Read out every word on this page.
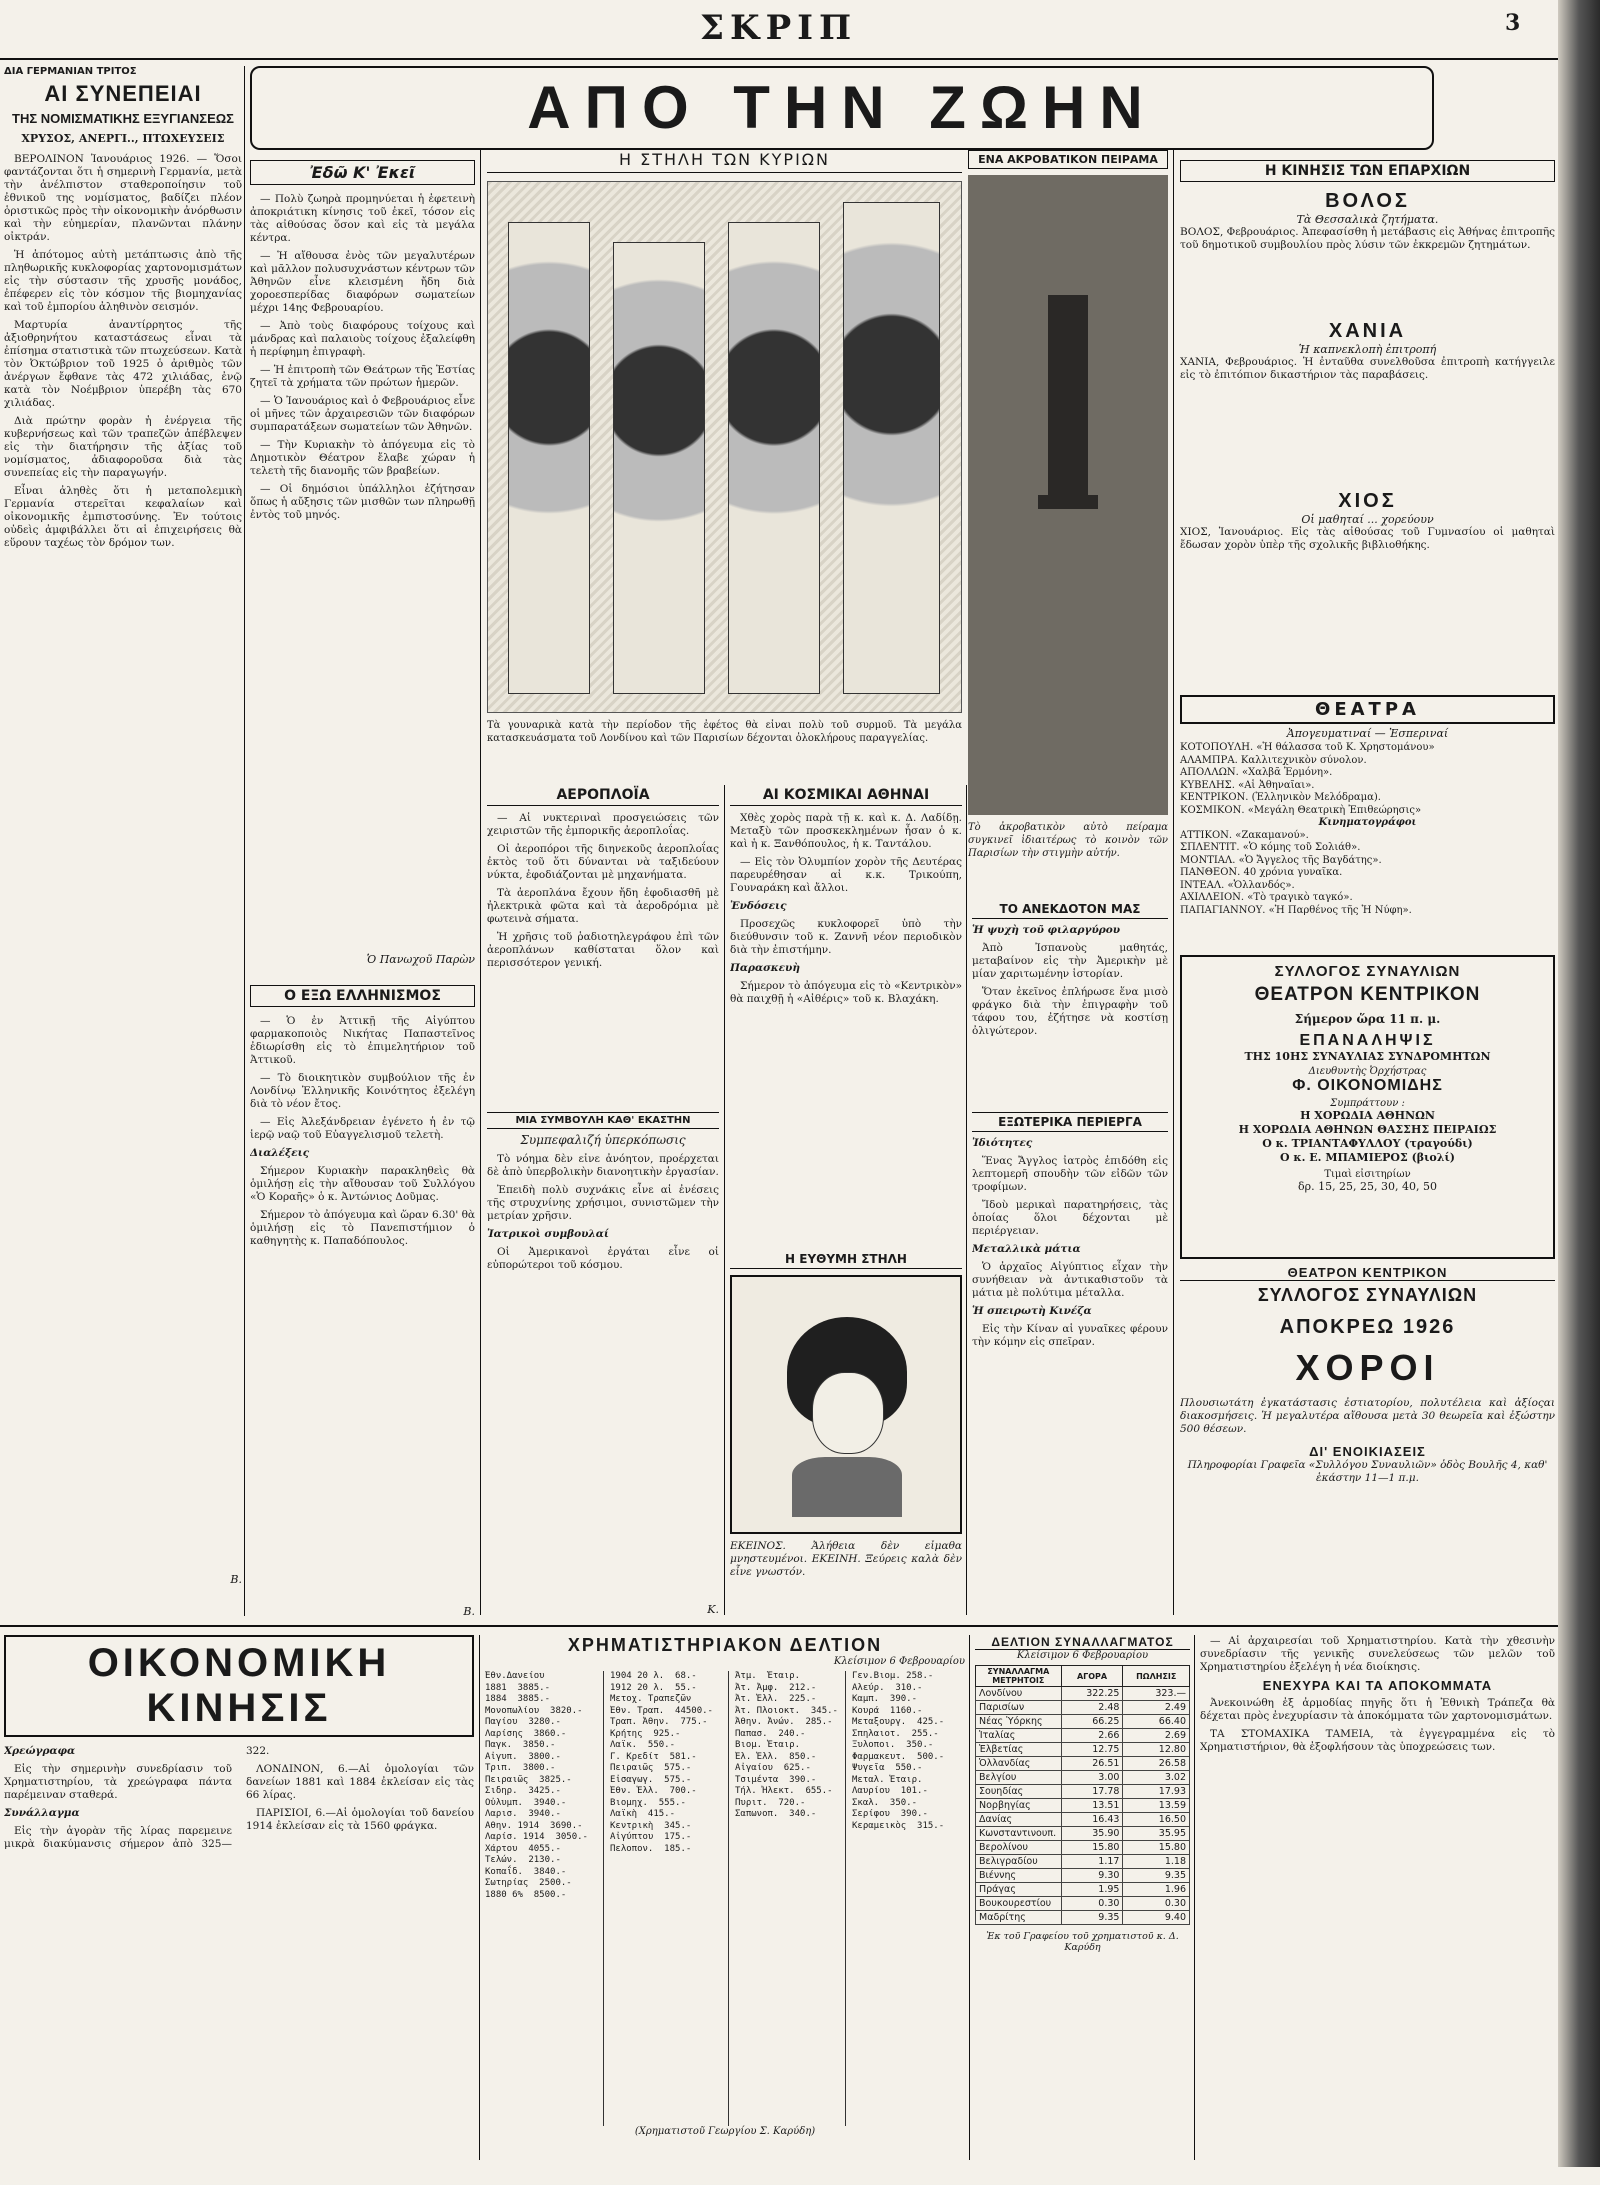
ΣΚΡΙΠ	3
ΔΙΑ ΓΕΡΜΑΝΙΑΝ ΤΡΙΤΟΣ
ΑΙ ΣΥΝΕΠΕΙΑΙ
ΤΗΣ ΝΟΜΙΣΜΑΤΙΚΗΣ ΕΞΥΓΙΑΝΣΕΩΣ
ΧΡΥΣΟΣ, ΑΝΕΡΓΙ.., ΠΤΩΧΕΥΣΕΙΣ

ΒΕΡΟΛΙΝΟΝ Ἰανουάριος 1926. — Ὅσοι φαντάζονται ὅτι ἡ σημερινὴ Γερμανία, μετὰ τὴν ἀνέλπιστον σταθεροποίησιν τοῦ ἐθνικοῦ της νομίσματος, βαδίζει πλέον ὁριστικῶς πρὸς τὴν οἰκονομικὴν ἀνόρθωσιν καὶ τὴν εὐημερίαν, πλανῶνται πλάνην οἰκτράν.

Ἡ ἀπότομος αὐτὴ μετάπτωσις ἀπὸ τῆς πληθωρικῆς κυκλοφορίας χαρτονομισμάτων εἰς τὴν σύστασιν τῆς χρυσῆς μονάδος, ἐπέφερεν εἰς τὸν κόσμον τῆς βιομηχανίας καὶ τοῦ ἐμπορίου ἀληθινὸν σεισμόν.

Μαρτυρία ἀναντίρρητος τῆς ἀξιοθρηνήτου καταστάσεως εἶναι τὰ ἐπίσημα στατιστικὰ τῶν πτωχεύσεων. Κατὰ τὸν Ὀκτώβριον τοῦ 1925 ὁ ἀριθμὸς τῶν ἀνέργων ἔφθανε τὰς 472 χιλιάδας, ἐνῷ κατὰ τὸν Νοέμβριον ὑπερέβη τὰς 670 χιλιάδας.

Διὰ πρώτην φορὰν ἡ ἐνέργεια τῆς κυβερνήσεως καὶ τῶν τραπεζῶν ἀπέβλεψεν εἰς τὴν διατήρησιν τῆς ἀξίας τοῦ νομίσματος, ἀδιαφοροῦσα διὰ τὰς συνεπείας εἰς τὴν παραγωγήν.

Εἶναι ἀληθὲς ὅτι ἡ μεταπολεμικὴ Γερμανία στερεῖται κεφαλαίων καὶ οἰκονομικῆς ἐμπιστοσύνης. Ἐν τούτοις οὐδεὶς ἀμφιβάλλει ὅτι αἱ ἐπιχειρήσεις θὰ εὕρουν ταχέως τὸν δρόμον των.

Β.
ΑΠΟ ΤΗΝ ΖΩΗΝ
Ἐδῶ Κ' Ἐκεῖ

— Πολὺ ζωηρὰ προμηνύεται ἡ ἐφετεινὴ ἀποκριάτικη κίνησις τοῦ ἐκεῖ, τόσον εἰς τὰς αἰθούσας ὅσον καὶ εἰς τὰ μεγάλα κέντρα.

— Ἡ αἴθουσα ἐνὸς τῶν μεγαλυτέρων καὶ μᾶλλον πολυσυχνάστων κέντρων τῶν Ἀθηνῶν εἶνε κλεισμένη ἤδη διὰ χοροεσπερίδας διαφόρων σωματείων μέχρι 14ης Φεβρουαρίου.

— Ἀπὸ τοὺς διαφόρους τοίχους καὶ μάνδρας καὶ παλαιοὺς τοίχους ἐξαλείφθη ἡ περίφημη ἐπιγραφὴ.

— Ἡ ἐπιτροπὴ τῶν Θεάτρων τῆς Ἑστίας ζητεῖ τὰ χρήματα τῶν πρώτων ἡμερῶν.

— Ὁ Ἰανουάριος καὶ ὁ Φεβρουάριος εἶνε οἱ μῆνες τῶν ἀρχαιρεσιῶν τῶν διαφόρων συμπαρατάξεων σωματείων τῶν Ἀθηνῶν.

— Τὴν Κυριακὴν τὸ ἀπόγευμα εἰς τὸ Δημοτικὸν Θέατρον ἔλαβε χώραν ἡ τελετὴ τῆς διανομῆς τῶν βραβείων.

— Οἱ δημόσιοι ὑπάλληλοι ἐζήτησαν ὅπως ἡ αὔξησις τῶν μισθῶν των πληρωθῇ ἐντὸς τοῦ μηνός.

Ὁ Πανωχοῦ Παρὼν
Ο ΕΞΩ ΕΛΛΗΝΙΣΜΟΣ

— Ὁ ἐν Ἀττικῇ τῆς Αἰγύπτου φαρμακοποιὸς Νικήτας Παπαστεῖνος ἐδιωρίσθη εἰς τὸ ἐπιμελητήριον τοῦ Ἀττικοῦ.

— Τὸ διοικητικὸν συμβούλιον τῆς ἐν Λονδίνῳ Ἑλληνικῆς Κοινότητος ἐξελέγη διὰ τὸ νέον ἔτος.

— Εἰς Ἀλεξάνδρειαν ἐγένετο ἡ ἐν τῷ ἱερῷ ναῷ τοῦ Εὐαγγελισμοῦ τελετὴ.

Διαλέξεις

Σήμερον Κυριακὴν παρακληθεὶς θὰ ὁμιλήσῃ εἰς τὴν αἴθουσαν τοῦ Συλλόγου «Ὁ Κοραῆς» ὁ κ. Ἀντώνιος Δοῦμας.

Σήμερον τὸ ἀπόγευμα καὶ ὥραν 6.30' θὰ ὁμιλήσῃ εἰς τὸ Πανεπιστήμιον ὁ καθηγητὴς κ. Παπαδόπουλος.

Β.
Η ΣΤΗΛΗ ΤΩΝ ΚΥΡΙΩΝ
Τὰ γουναρικὰ κατὰ τὴν περίοδον τῆς ἐφέτος θὰ εἶναι πολὺ τοῦ συρμοῦ. Τὰ μεγάλα κατασκευάσματα τοῦ Λονδίνου καὶ τῶν Παρισίων δέχονται ὁλοκλήρους παραγγελίας.
ΕΝΑ ΑΚΡΟΒΑΤΙΚΟΝ ΠΕΙΡΑΜΑ
Τὸ ἀκροβατικὸν αὐτὸ πείραμα συγκινεῖ ἰδιαιτέρως τὸ κοινὸν τῶν Παρισίων τὴν στιγμὴν αὐτήν.
Η ΚΙΝΗΣΙΣ ΤΩΝ ΕΠΑΡΧΙΩΝ
ΒΟΛΟΣ
Τὰ Θεσσαλικὰ ζητήματα.
ΒΟΛΟΣ, Φεβρουάριος. Ἀπεφασίσθη ἡ μετάβασις εἰς Ἀθήνας ἐπιτροπῆς τοῦ δημοτικοῦ συμβουλίου πρὸς λύσιν τῶν ἐκκρεμῶν ζητημάτων.
ΧΑΝΙΑ
Ἡ καπνεκλοπὴ ἐπιτροπή
ΧΑΝΙΑ, Φεβρουάριος. Ἡ ἐνταῦθα συνελθοῦσα ἐπιτροπὴ κατήγγειλε εἰς τὸ ἐπιτόπιον δικαστήριον τὰς παραβάσεις.
ΧΙΟΣ
Οἱ μαθηταί ... χορεύουν
ΧΙΟΣ, Ἰανουάριος. Εἰς τὰς αἰθούσας τοῦ Γυμνασίου οἱ μαθηταὶ ἔδωσαν χορὸν ὑπὲρ τῆς σχολικῆς βιβλιοθήκης.
ΘΕΑΤΡΑ
Ἀπογευματιναί — Ἑσπεριναί
ΚΟΤΟΠΟΥΛΗ. «Ἡ θάλασσα τοῦ Κ. Χρηστομάνου»
ΑΛΑΜΠΡΑ. Καλλιτεχνικὸν σύνολον.
ΑΠΟΛΛΩΝ. «Χαλβᾶ Ἐρμόνη».
ΚΥΒΕΛΗΣ. «Αἱ Ἀθηναῖαι».
ΚΕΝΤΡΙΚΟΝ. (Ἑλληνικὸν Μελόδραμα).
ΚΟΣΜΙΚΟΝ. «Μεγάλη Θεατρικὴ Ἐπιθεώρησις»
Κινηματογράφοι
ΑΤΤΙΚΟΝ. «Ζακαμανού».
ΣΠΛΕΝΤΙΤ. «Ὁ κόμης τοῦ Σολιάθ».
ΜΟΝΤΙΑΛ. «Ὁ Ἄγγελος τῆς Βαγδάτης».
ΠΑΝΘΕΟΝ. 40 χρόνια γυναῖκα.
ΙΝΤΕΑΛ. «Ὁλλανδός».
ΑΧΙΛΛΕΙΟΝ. «Τὸ τραγικὸ ταγκό».
ΠΑΠΑΓΙΑΝΝΟΥ. «Ἡ Παρθένος τῆς Ἡ Νύφη».
ΣΥΛΛΟΓΟΣ ΣΥΝΑΥΛΙΩΝ
ΘΕΑΤΡΟΝ ΚΕΝΤΡΙΚΟΝ
Σήμερον ὥρα 11 π. μ.
ΕΠΑΝΑΛΗΨΙΣ
ΤΗΣ 10ΗΣ ΣΥΝΑΥΛΙΑΣ ΣΥΝΔΡΟΜΗΤΩΝ
Διευθυντὴς Ὀρχήστρας
Φ. ΟΙΚΟΝΟΜΙΔΗΣ
Συμπράττουν :
Η ΧΟΡΩΔΙΑ ΑΘΗΝΩΝ
Η ΧΟΡΩΔΙΑ ΑΘΗΝΩΝ ΘΑΣΣΗΣ ΠΕΙΡΑΙΩΣ
Ο κ. ΤΡΙΑΝΤΑΦΥΛΛΟΥ (τραγούδι)
Ο κ. Ε. ΜΠΑΜΙΕΡΟΣ (βιολί)
Τιμαὶ εἰσιτηρίων
δρ. 15, 25, 25, 30, 40, 50
ΘΕΑΤΡΟΝ ΚΕΝΤΡΙΚΟΝ
ΣΥΛΛΟΓΟΣ ΣΥΝΑΥΛΙΩΝ
ΑΠΟΚΡΕΩ 1926
ΧΟΡΟΙ
Πλουσιωτάτη ἐγκατάστασις ἐστιατορίου, πολυτέλεια καὶ ἀξίοςαι διακοσμήσεις. Ἡ μεγαλυτέρα αἴθουσα μετὰ 30 θεωρεῖα καὶ ἐξώστην 500 θέσεων.
ΔΙ' ΕΝΟΙΚΙΑΣΕΙΣ
Πληροφορίαι Γραφεῖα «Συλλόγου Συναυλιῶν» ὁδὸς Βουλῆς 4, καθ' ἑκάστην 11—1 π.μ.
ΑΕΡΟΠΛΟΪΑ

— Αἱ νυκτεριναὶ προσγειώσεις τῶν χειριστῶν τῆς ἐμπορικῆς ἀεροπλοΐας.

Οἱ ἀεροπόροι τῆς διηνεκοῦς ἀεροπλοΐας ἐκτὸς τοῦ ὅτι δύνανται νὰ ταξιδεύουν νύκτα, ἐφοδιάζονται μὲ μηχανήματα.

Τὰ ἀεροπλάνα ἔχουν ἤδη ἐφοδιασθῆ μὲ ἠλεκτρικὰ φῶτα καὶ τὰ ἀεροδρόμια μὲ φωτεινὰ σήματα.

Ἡ χρῆσις τοῦ ῥαδιοτηλεγράφου ἐπὶ τῶν ἀεροπλάνων καθίσταται ὅλον καὶ περισσότερον γενική.

ΜΙΑ ΣΥΜΒΟΥΛΗ ΚΑΘ' ΕΚΑΣΤΗΝ
Συμπεφαλιζή ὑπερκόπωσις

Τὸ νόημα δὲν εἶνε ἀνόητον, προέρχεται δὲ ἀπὸ ὑπερβολικὴν διανοητικὴν ἐργασίαν.

Ἐπειδὴ πολὺ συχνάκις εἶνε αἱ ἐνέσεις τῆς στρυχνίνης χρήσιμοι, συνιστῶμεν τὴν μετρίαν χρῆσιν.

Ἰατρικοὶ συμβουλαί

Οἱ Ἀμερικανοὶ ἐργάται εἶνε οἱ εὐπορώτεροι τοῦ κόσμου.

Κ.
ΑΙ ΚΟΣΜΙΚΑΙ ΑΘΗΝΑΙ

Χθὲς χορὸς παρὰ τῇ κ. καὶ κ. Δ. Λαδίδῃ. Μεταξὺ τῶν προσκεκλημένων ἦσαν ὁ κ. καὶ ἡ κ. Ξανθόπουλος, ἡ κ. Ταντάλου.

— Εἰς τὸν Ὀλυμπίον χορὸν τῆς Δευτέρας παρευρέθησαν αἱ κ.κ. Τρικούπη, Γουναράκη καὶ ἄλλοι.

Ἐνδόσεις

Προσεχῶς κυκλοφορεῖ ὑπὸ τὴν διεύθυνσιν τοῦ κ. Ζαννῆ νέον περιοδικὸν διὰ τὴν ἐπιστήμην.

Παρασκευὴ

Σήμερον τὸ ἀπόγευμα εἰς τὸ «Κεντρικὸν» θὰ παιχθῇ ἡ «Αἰθέρις» τοῦ κ. Βλαχάκη.

Η ΕΥΘΥΜΗ ΣΤΗΛΗ
ΕΚΕΙΝΟΣ. Ἀλήθεια δὲν εἶμαθα μνηστευμένοι. ΕΚΕΙΝΗ. Ξεύρεις καλὰ δὲν εἶνε γνωστόν.
ΤΟ ΑΝΕΚΔΟΤΟΝ ΜΑΣ

Ἡ ψυχὴ τοῦ φιλαργύρου

Ἀπὸ Ἰσπανοὺς μαθητάς, μεταβαίνον εἰς τὴν Ἀμερικὴν μὲ μίαν χαριτωμένην ἱστορίαν.

Ὅταν ἐκεῖνος ἐπλήρωσε ἕνα μισὸ φράγκο διὰ τὴν ἐπιγραφὴν τοῦ τάφου του, ἐζήτησε νὰ κοστίσῃ ὀλιγώτερον.

ΕΞΩΤΕΡΙΚΑ ΠΕΡΙΕΡΓΑ

Ἰδιότητες

Ἕνας Ἄγγλος ἰατρὸς ἐπιδόθη εἰς λεπτομερῆ σπουδὴν τῶν εἰδῶν τῶν τροφίμων.

Ἴδοὺ μερικαὶ παρατηρήσεις, τὰς ὁποίας ὅλοι δέχονται μὲ περιέργειαν.

Μεταλλικὰ μάτια

Ὁ ἀρχαῖος Αἰγύπτιος εἶχαν τὴν συνήθειαν νὰ ἀντικαθιστοῦν τὰ μάτια μὲ πολύτιμα μέταλλα.

Ἡ σπειρωτὴ Κινέζα

Εἰς τὴν Κίναν αἱ γυναῖκες φέρουν τὴν κόμην εἰς σπεῖραν.

ΟΙΚΟΝΟΜΙΚΗ ΚΙΝΗΣΙΣ

Χρεώγραφα

Εἰς τὴν σημερινὴν συνεδρίασιν τοῦ Χρηματιστηρίου, τὰ χρεώγραφα πάντα παρέμειναν σταθερά.

Συνάλλαγμα

Εἰς τὴν ἀγορὰν τῆς λίρας παρεμεινε μικρὰ διακύμανσις σήμερον ἀπὸ 325—322.

ΛΟΝΔΙΝΟΝ, 6.—Αἱ ὁμολογίαι τῶν δανείων 1881 καὶ 1884 ἐκλείσαν εἰς τὰς 66 λίρας.

ΠΑΡΙΣΙΟΙ, 6.—Αἱ ὁμολογίαι τοῦ δανείου 1914 ἐκλείσαν εἰς τὰ 1560 φράγκα.

ΧΡΗΜΑΤΙΣΤΗΡΙΑΚΟΝ ΔΕΛΤΙΟΝ
Κλείσιμον 6 Φεβρουαρίου
Ἐθν.Δανείου
1881  3885.-
1884  3885.-
Μονοπωλίου  3820.-
Παγίου  3280.-
Λαρίσης  3860.-
Παγκ.  3850.-
Αἰγυπ.  3800.-
Τριπ.  3800.-
Πειραιῶς  3825.-
Σιδηρ.  3425.-
Οὐλυμπ.  3940.-
Λαρισ.  3940.-
Αθην. 1914  3690.-
Λαρίσ. 1914  3050.-
Χάρτου  4055.-
Τελών.  2130.-
Κοπαΐδ.  3840.-
Σωτηρίας  2500.-
1880 6%  8500.-
1904 20 λ.  68.-
1912 20 λ.  55.-
Μετοχ. Τραπεζῶν
Ἐθν. Τραπ.  44500.-
Τραπ. Ἀθην.  775.-
Κρήτης  925.-
Λαϊκ.  550.-
Γ. Κρεδίτ  581.-
Πειραιῶς  575.-
Εἰσαγωγ.  575.-
Ἐθν. Ἑλλ.  700.-
Βιομηχ.  555.-
Λαϊκὴ  415.-
Κεντρικὴ  345.-
Αἰγύπτου  175.-
Πελοπον.  185.-
Ἀτμ.  Ἑταιρ.
Ἀτ. Ἀμφ.  212.-
Ἀτ. Ἑλλ.  225.-
Ἀτ. Πλοιοκτ.  345.-
Ἀθην. Ἀνών.  285.-
Παπασ.  240.-
Βιομ. Ἑταιρ.
Ἐλ. Ἑλλ.  850.-
Αἰγαίου  625.-
Τσιμέντα  390.-
Τήλ. Ἠλεκτ.  655.-
Πυριτ.  720.-
Σαπωνοπ.  340.-
Γεν.Βιομ. 258.-
Αλεύρ.  310.-
Καμπ.  390.-
Κουρά  1160.-
Μεταξουργ.  425.-
Σπηλαιοτ.  255.-
Ξυλοποι.  350.-
Φαρμακευτ.  500.-
Ψυγεῖα  550.-
Μεταλ. Ἑταιρ.
Λαυρίου  101.-
Σκαλ.  350.-
Σερίφου  390.-
Κεραμεικὸς  315.-
(Χρηματιστοῦ Γεωργίου Σ. Καρύδη)
ΔΕΛΤΙΟΝ ΣΥΝΑΛΛΑΓΜΑΤΟΣ
Κλείσιμον 6 Φεβρουαρίου
ΣΥΝΑΛΛΑΓΜΑ ΜΕΤΡΗΤΟΙΣ	ΑΓΟΡΑ	ΠΩΛΗΣΙΣ
Λονδίνου	322.25	323.—
Παρισίων	2.48	2.49
Νέας Ὑόρκης	66.25	66.40
Ἰταλίας	2.66	2.69
Ἑλβετίας	12.75	12.80
Ὀλλανδίας	26.51	26.58
Βελγίου	3.00	3.02
Σουηδίας	17.78	17.93
Νορβηγίας	13.51	13.59
Δανίας	16.43	16.50
Κωνσταντινουπ.	35.90	35.95
Βερολίνου	15.80	15.80
Βελιγραδίου	1.17	1.18
Βιέννης	9.30	9.35
Πράγας	1.95	1.96
Βουκουρεστίου	0.30	0.30
Μαδρίτης	9.35	9.40
Ἐκ τοῦ Γραφείου τοῦ χρηματιστοῦ κ. Δ. Καρύδη

— Αἱ ἀρχαιρεσίαι τοῦ Χρηματιστηρίου. Κατὰ τὴν χθεσινὴν συνεδρίασιν τῆς γενικῆς συνελεύσεως τῶν μελῶν τοῦ Χρηματιστηρίου ἐξελέγη ἡ νέα διοίκησις.

ΕΝΕΧΥΡΑ ΚΑΙ ΤΑ ΑΠΟΚΟΜΜΑΤΑ

Ἀνεκοινώθη ἐξ ἀρμοδίας πηγῆς ὅτι ἡ Ἐθνικὴ Τράπεζα θὰ δέχεται πρὸς ἐνεχυρίασιν τὰ ἀποκόμματα τῶν χαρτονομισμάτων.

ΤΑ ΣΤΟΜΑΧΙΚΑ ΤΑΜΕΙΑ, τὰ ἐγγεγραμμένα εἰς τὸ Χρηματιστήριον, θὰ ἐξοφλήσουν τὰς ὑποχρεώσεις των.
